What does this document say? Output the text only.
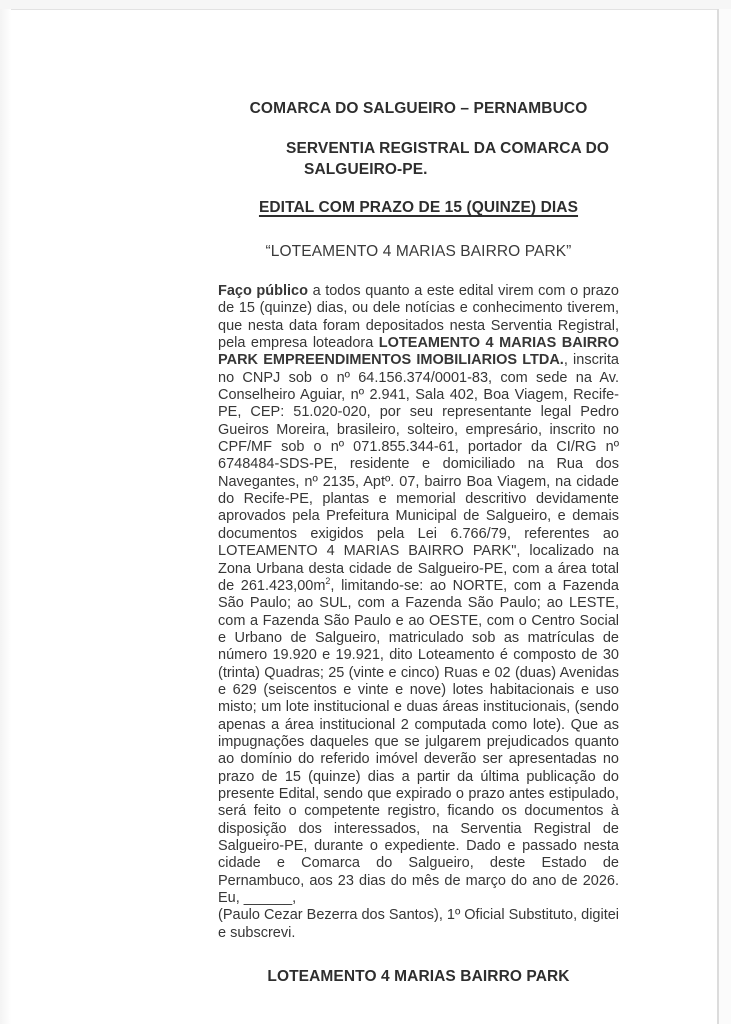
COMARCA DO SALGUEIRO – PERNAMBUCO
SERVENTIA REGISTRAL DA COMARCA DO SALGUEIRO-PE.
EDITAL COM PRAZO DE 15 (QUINZE) DIAS
“LOTEAMENTO 4 MARIAS BAIRRO PARK”

Faço público a todos quanto a este edital virem com o prazo de 15 (quinze) dias, ou dele notícias e conhecimento tiverem, que nesta data foram depositados nesta Serventia Registral, pela empresa loteadora LOTEAMENTO 4 MARIAS BAIRRO PARK EMPREENDIMENTOS IMOBILIARIOS LTDA., inscrita no CNPJ sob o nº 64.156.374/0001-83, com sede na Av. Conselheiro Aguiar, nº 2.941, Sala 402, Boa Viagem, Recife-PE, CEP: 51.020-020, por seu representante legal Pedro Gueiros Moreira, brasileiro, solteiro, empresário, inscrito no CPF/MF sob o nº 071.855.344-61, portador da CI/RG nº 6748484-SDS-PE, residente e domiciliado na Rua dos Navegantes, nº 2135, Aptº. 07, bairro Boa Viagem, na cidade do Recife-PE, plantas e memorial descritivo devidamente aprovados pela Prefeitura Municipal de Salgueiro, e demais documentos exigidos pela Lei 6.766/79, referentes ao LOTEAMENTO 4 MARIAS BAIRRO PARK", localizado na Zona Urbana desta cidade de Salgueiro-PE, com a área total de $261.423,00m^2$, limitando-se: ao NORTE, com a Fazenda São Paulo; ao SUL, com a Fazenda São Paulo; ao LESTE, com a Fazenda São Paulo e ao OESTE, com o Centro Social e Urbano de Salgueiro, matriculado sob as matrículas de número 19.920 e 19.921, dito Loteamento é composto de 30 (trinta) Quadras; 25 (vinte e cinco) Ruas e 02 (duas) Avenidas e 629 (seiscentos e vinte e nove) lotes habitacionais e uso misto; um lote institucional e duas áreas institucionais, (sendo apenas a área institucional 2 computada como lote). Que as impugnações daqueles que se julgarem prejudicados quanto ao domínio do referido imóvel deverão ser apresentadas no prazo de 15 (quinze) dias a partir da última publicação do presente Edital, sendo que expirado o prazo antes estipulado, será feito o competente registro, ficando os documentos à disposição dos interessados, na Serventia Registral de Salgueiro-PE, durante o expediente. Dado e passado nesta cidade e Comarca do Salgueiro, deste Estado de Pernambuco, aos 23 dias do mês de março do ano de 2026. Eu, ______,
(Paulo Cezar Bezerra dos Santos), 1º Oficial Substituto, digitei e subscrevi.

LOTEAMENTO 4 MARIAS BAIRRO PARK
